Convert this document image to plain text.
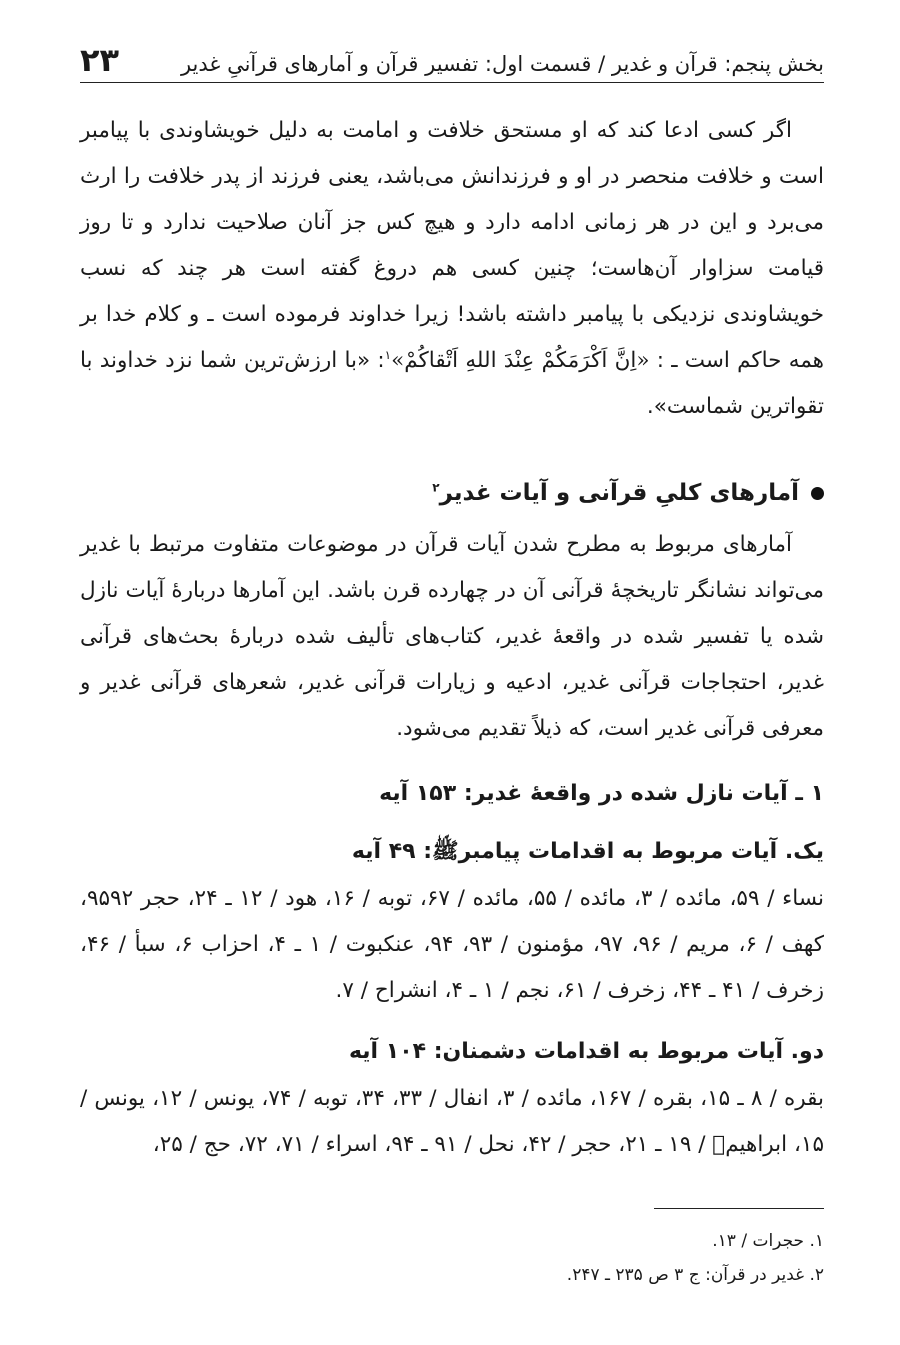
بخش پنجم: قرآن و غدیر / قسمت اول: تفسیر قرآن و آمارهای قرآنیِ غدیر
۲۳

اگر کسی ادعا کند که او مستحق خلافت و امامت به دلیل خویشاوندی با پیامبر است و خلافت منحصر در او و فرزندانش می‌باشد، یعنی فرزند از پدر خلافت را ارث می‌برد و این در هر زمانی ادامه دارد و هیچ کس جز آنان صلاحیت ندارد و تا روز قیامت سزاوار آن‌هاست؛ چنین کسی هم دروغ گفته است هر چند که نسب خویشاوندی نزدیکی با پیامبر داشته باشد! زیرا خداوند فرموده است ـ و کلام خدا بر همه حاکم است ـ : «اِنَّ اَکْرَمَکُمْ عِنْدَ اللهِ اَتْقاکُمْ»$^۱$: «با ارزش‌ترین شما نزد خداوند با تقواترین شماست».

آمارهای کلیِ قرآنی و آیات غدیر$^۲$

آمارهای مربوط به مطرح شدن آیات قرآن در موضوعات متفاوت مرتبط با غدیر می‌تواند نشانگر تاریخچهٔ قرآنی آن در چهارده قرن باشد. این آمارها دربارهٔ آیات نازل شده یا تفسیر شده در واقعهٔ غدیر، کتاب‌های تألیف شده دربارهٔ بحث‌های قرآنی غدیر، احتجاجات قرآنی غدیر، ادعیه و زیارات قرآنی غدیر، شعرهای قرآنی غدیر و معرفی قرآنی غدیر است، که ذیلاً تقدیم می‌شود.

۱ ـ آیات نازل شده در واقعهٔ غدیر: ۱۵۳ آیه
یک. آیات مربوط به اقدامات پیامبرﷺ: ۴۹ آیه

نساء / ۵۹، مائده / ۳، مائده / ۵۵، مائده / ۶۷، توبه / ۱۶، هود / ۱۲ ـ ۲۴، حجر ۹۵۹۲، کهف / ۶، مریم / ۹۶، ۹۷، مؤمنون / ۹۳، ۹۴، عنکبوت / ۱ ـ ۴، احزاب ۶، سبأ / ۴۶، زخرف / ۴۱ ـ ۴۴، زخرف / ۶۱، نجم / ۱ ـ ۴، انشراح / ۷.

دو. آیات مربوط به اقدامات دشمنان: ۱۰۴ آیه

بقره / ۸ ـ ۱۵، بقره / ۱۶۷، مائده / ۳، انفال / ۳۳، ۳۴، توبه / ۷۴، یونس / ۱۲، یونس / ۱۵، ابراهیمؑ / ۱۹ ـ ۲۱، حجر / ۴۲، نحل / ۹۱ ـ ۹۴، اسراء / ۷۱، ۷۲، حج / ۲۵،

۱. حجرات / ۱۳.
۲. غدیر در قرآن: ج ۳ ص ۲۳۵ ـ ۲۴۷.
